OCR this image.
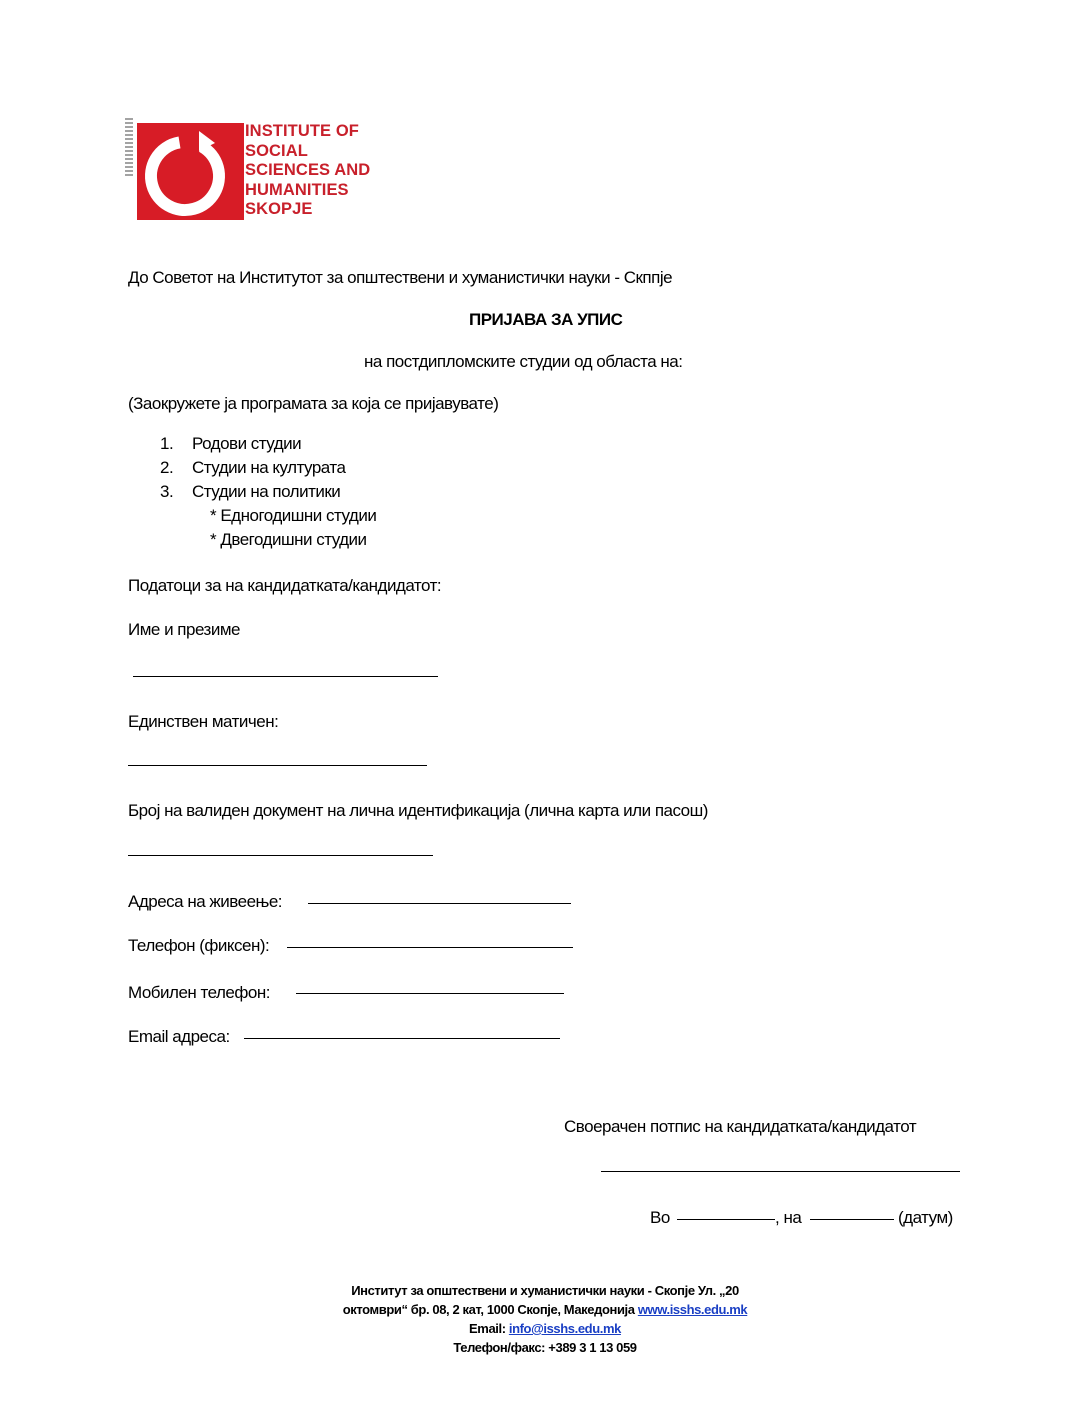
INSTITUTE OF
SOCIAL
SCIENCES AND
HUMANITIES
SKOPJE
До Советот на Институтот за општествени и хуманистички науки - Скппје
ПРИЈАВА ЗА УПИС
на постдипломските студии од областа на:
(Заокружете ја програмата за која се пријавувате)
1. Родови студии
2. Студии на културата
3. Студии на политики
* Едногодишни студии
* Двегодишни студии
Податоци за на кандидатката/кандидатот:
Име и презиме
Единствен матичен:
Број на валиден документ на лична идентификација (лична карта или пасош)
Адреса на живеење:
Телефон (фиксен):
Мобилен телефон:
Email адреса:
Своерачен потпис на кандидатката/кандидатот
Во	, на	(датум)
Институт за општествени и хуманистички науки - Скопје Ул. „20
октомври“ бр. 08, 2 кат, 1000 Скопје, Македонија www.isshs.edu.mk
Email: info@isshs.edu.mk
Телефон/факс: +389 3 1 13 059
